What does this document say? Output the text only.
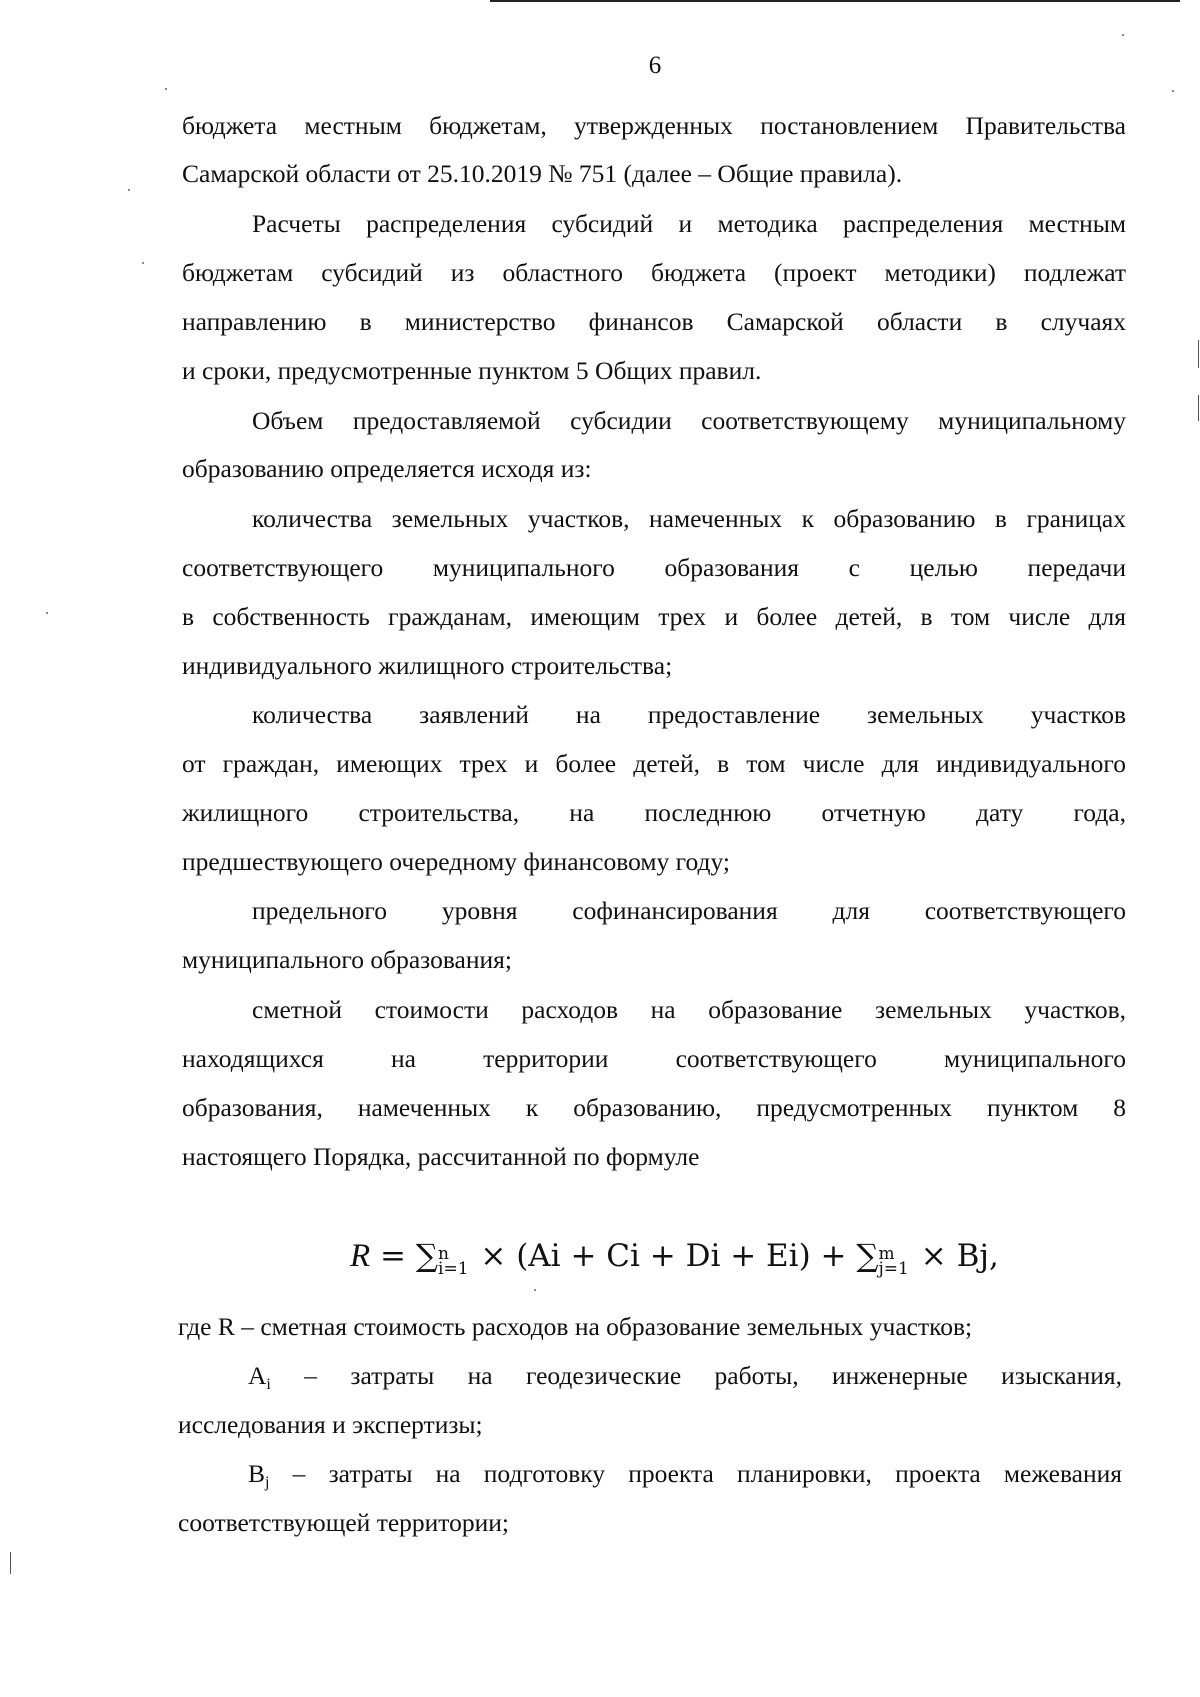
6
бюджета местным бюджетам, утвержденных постановлением Правительства
Самарской области от 25.10.2019 № 751 (далее – Общие правила).
Расчеты распределения субсидий и методика распределения местным
бюджетам субсидий из областного бюджета (проект методики) подлежат
направлению в министерство финансов Самарской области в случаях
и сроки, предусмотренные пунктом 5 Общих правил.
Объем предоставляемой субсидии соответствующему муниципальному
образованию определяется исходя из:
количества земельных участков, намеченных к образованию в границах
соответствующего муниципального образования с целью передачи
в собственность гражданам, имеющим трех и более детей, в том числе для
индивидуального жилищного строительства;
количества заявлений на предоставление земельных участков
от граждан, имеющих трех и более детей, в том числе для индивидуального
жилищного строительства, на последнюю отчетную дату года,
предшествующего очередному финансовому году;
предельного уровня софинансирования для соответствующего
муниципального образования;
сметной стоимости расходов на образование земельных участков,
находящихся на территории соответствующего муниципального
образования, намеченных к образованию, предусмотренных пунктом 8
настоящего Порядка, рассчитанной по формуле
R = ∑ n
i=1 × (Ai + Ci + Di + Ei) + ∑ m
j=1 × Bj,
где R – сметная стоимость расходов на образование земельных участков;
Ai – затраты на геодезические работы, инженерные изыскания,
исследования и экспертизы;
Bj – затраты на подготовку проекта планировки, проекта межевания
соответствующей территории;
